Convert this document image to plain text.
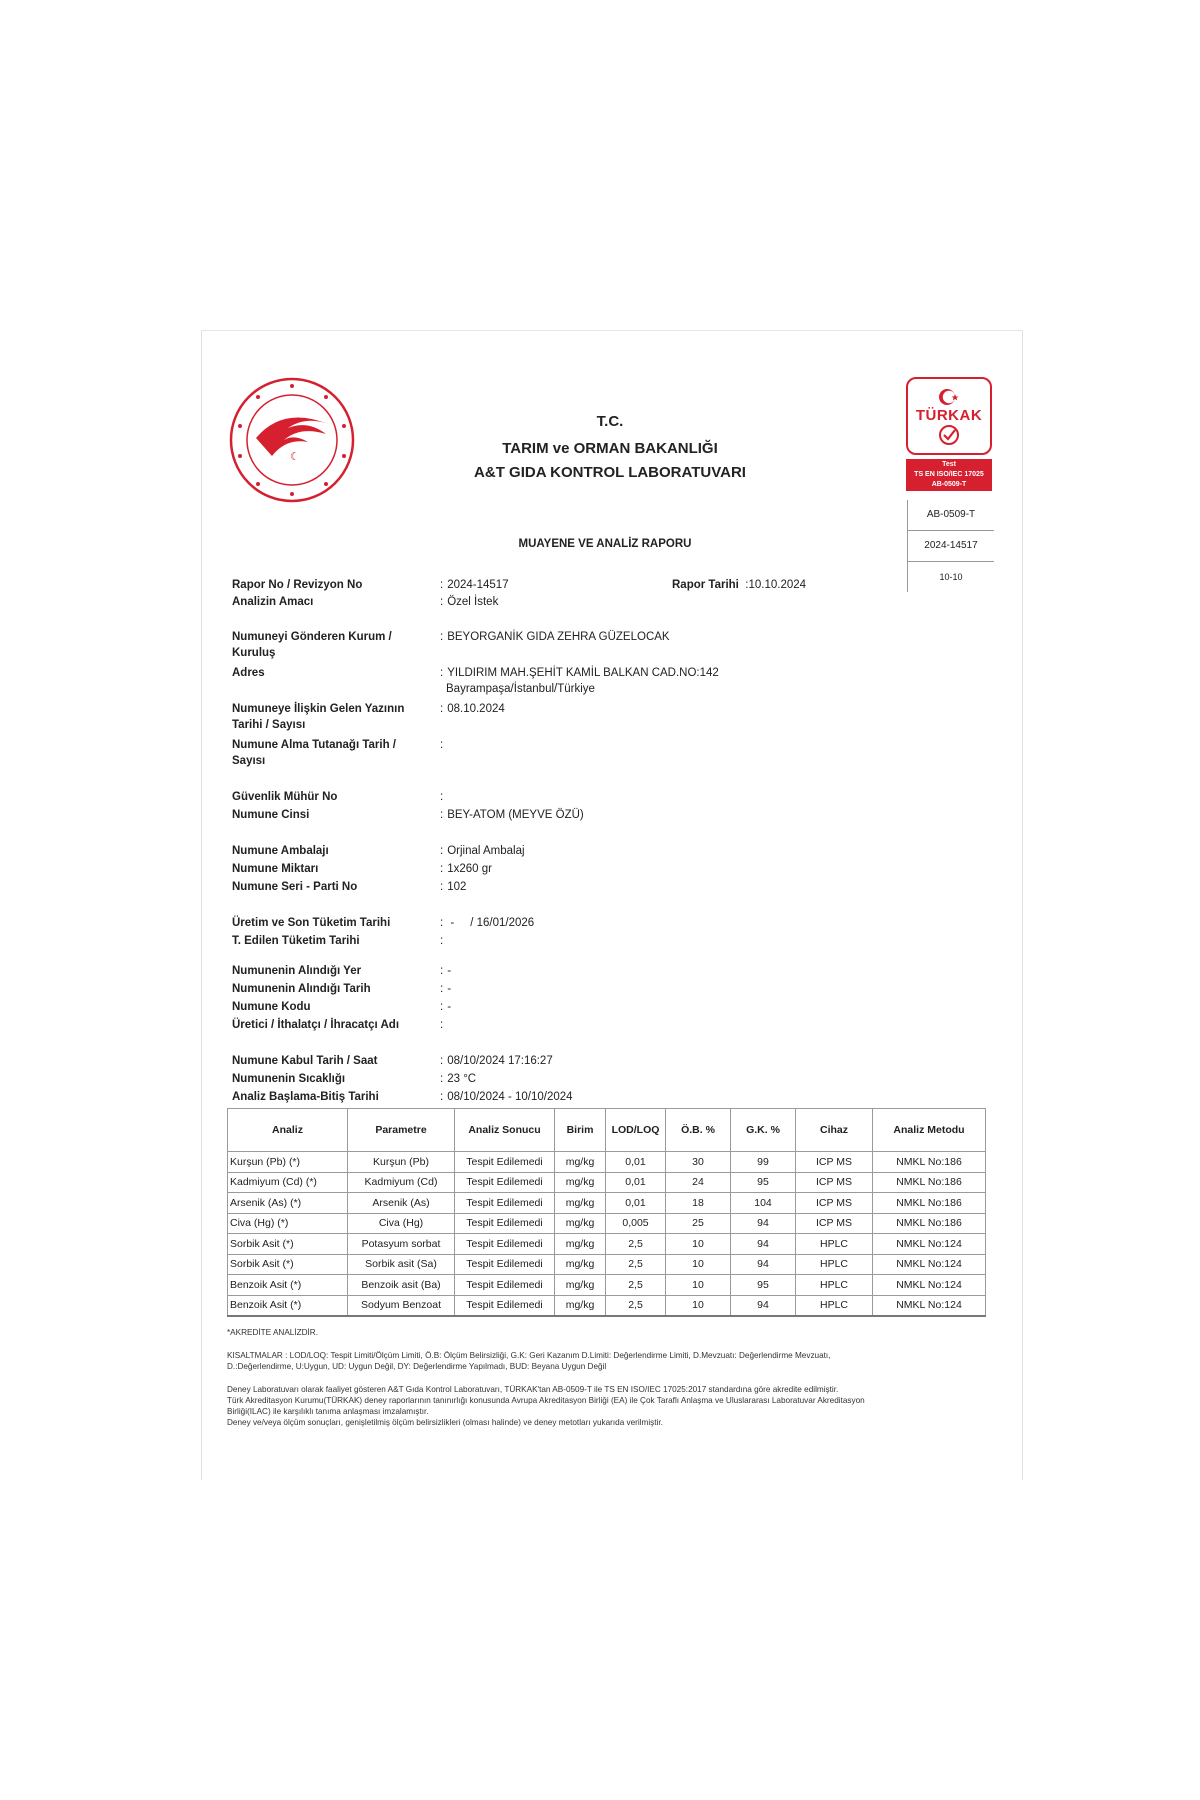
☾
T.C.
TARIM ve ORMAN BAKANLIĞI
A&T GIDA KONTROL LABORATUVARI
MUAYENE VE ANALİZ RAPORU
TÜRKAK
Test
TS EN ISO/IEC 17025
AB-0509-T
AB-0509-T
2024-14517
10-10
Rapor No / Revizyon No	: 2024-14517	Rapor Tarihi :10.10.2024
Analizin Amacı	: Özel İstek
Numuneyi Gönderen Kurum / Kuruluş
: BEYORGANİK GIDA ZEHRA GÜZELOCAK
Adres	: YILDIRIM MAH.ŞEHİT KAMİL BALKAN CAD.NO:142
Bayrampaşa/İstanbul/Türkiye
Numuneye İlişkin Gelen Yazının Tarihi / Sayısı
: 08.10.2024
Numune Alma Tutanağı Tarih / Sayısı
:
Güvenlik Mühür No	:
Numune Cinsi	: BEY-ATOM (MEYVE ÖZÜ)
Numune Ambalajı	: Orjinal Ambalaj
Numune Miktarı	: 1x260 gr
Numune Seri - Parti No	: 102
Üretim ve Son Tüketim Tarihi	: -     / 16/01/2026
T. Edilen Tüketim Tarihi	:
Numunenin Alındığı Yer	: -
Numunenin Alındığı Tarih	: -
Numune Kodu	: -
Üretici / İthalatçı / İhracatçı Adı	:
Numune Kabul Tarih / Saat	: 08/10/2024 17:16:27
Numunenin Sıcaklığı	: 23 °C
Analiz Başlama-Bitiş Tarihi	: 08/10/2024 - 10/10/2024
Analiz	Parametre	Analiz Sonucu	Birim	LOD/LOQ	Ö.B. %	G.K. %	Cihaz	Analiz Metodu
Kurşun (Pb) (*)	Kurşun (Pb)	Tespit Edilemedi	mg/kg	0,01	30	99	ICP MS	NMKL No:186
Kadmiyum (Cd) (*)	Kadmiyum (Cd)	Tespit Edilemedi	mg/kg	0,01	24	95	ICP MS	NMKL No:186
Arsenik (As) (*)	Arsenik (As)	Tespit Edilemedi	mg/kg	0,01	18	104	ICP MS	NMKL No:186
Civa (Hg) (*)	Civa (Hg)	Tespit Edilemedi	mg/kg	0,005	25	94	ICP MS	NMKL No:186
Sorbik Asit (*)	Potasyum sorbat	Tespit Edilemedi	mg/kg	2,5	10	94	HPLC	NMKL No:124
Sorbik Asit (*)	Sorbik asit (Sa)	Tespit Edilemedi	mg/kg	2,5	10	94	HPLC	NMKL No:124
Benzoik Asit (*)	Benzoik asit (Ba)	Tespit Edilemedi	mg/kg	2,5	10	95	HPLC	NMKL No:124
Benzoik Asit (*)	Sodyum Benzoat	Tespit Edilemedi	mg/kg	2,5	10	94	HPLC	NMKL No:124

*AKREDİTE ANALİZDİR.

KISALTMALAR : LOD/LOQ: Tespit Limiti/Ölçüm Limiti, Ö.B: Ölçüm Belirsizliği, G.K: Geri Kazanım D.Limiti: Değerlendirme Limiti, D.Mevzuatı: Değerlendirme Mevzuatı,

D.:Değerlendirme, U:Uygun, UD: Uygun Değil, DY: Değerlendirme Yapılmadı, BUD: Beyana Uygun Değil

Deney Laboratuvarı olarak faaliyet gösteren A&T Gıda Kontrol Laboratuvarı, TÜRKAK'tan AB-0509-T ile TS EN ISO/IEC 17025:2017 standardına göre akredite edilmiştir.

Türk Akreditasyon Kurumu(TÜRKAK) deney raporlarının tanınırlığı konusunda Avrupa Akreditasyon Birliği (EA) ile Çok Taraflı Anlaşma ve Uluslararası Laboratuvar Akreditasyon

Birliği(ILAC) ile karşılıklı tanıma anlaşması imzalamıştır.

Deney ve/veya ölçüm sonuçları, genişletilmiş ölçüm belirsizlikleri (olması halinde) ve deney metotları yukarıda verilmiştir.
